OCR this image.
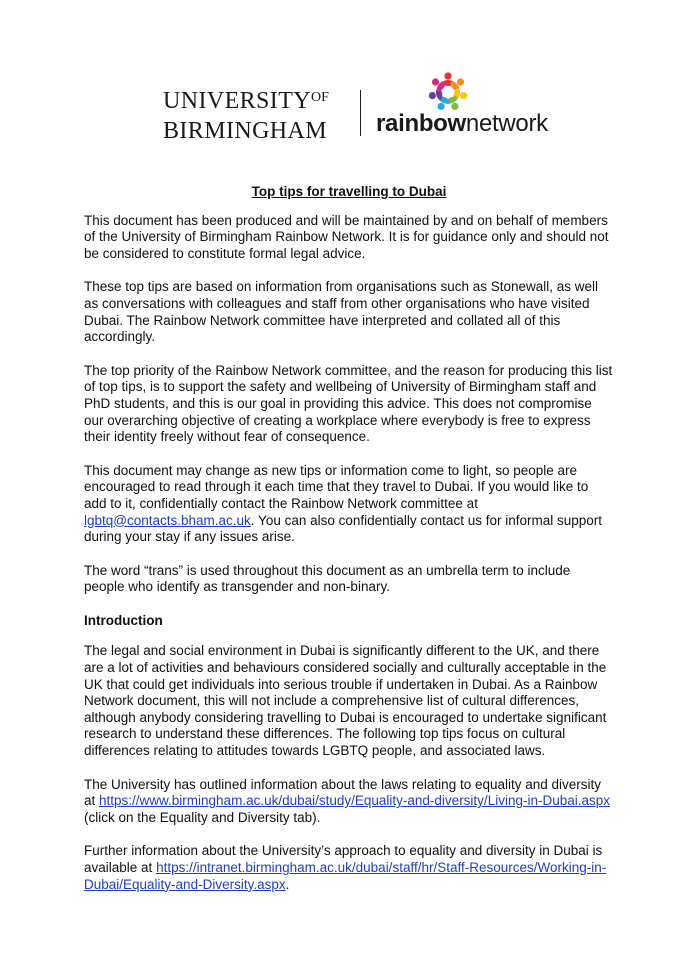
$UNIVERSITY^{OF}$
BIRMINGHAM rainbownetwork
Top tips for travelling to Dubai

This document has been produced and will be maintained by and on behalf of members of the University of Birmingham Rainbow Network. It is for guidance only and should not be considered to constitute formal legal advice.

These top tips are based on information from organisations such as Stonewall, as well as conversations with colleagues and staff from other organisations who have visited Dubai. The Rainbow Network committee have interpreted and collated all of this accordingly.

The top priority of the Rainbow Network committee, and the reason for producing this list of top tips, is to support the safety and wellbeing of University of Birmingham staff and PhD students, and this is our goal in providing this advice. This does not compromise our overarching objective of creating a workplace where everybody is free to express their identity freely without fear of consequence.

This document may change as new tips or information come to light, so people are encouraged to read through it each time that they travel to Dubai. If you would like to add to it, confidentially contact the Rainbow Network committee at lgbtq@contacts.bham.ac.uk. You can also confidentially contact us for informal support during your stay if any issues arise.

The word “trans” is used throughout this document as an umbrella term to include people who identify as transgender and non-binary.

Introduction

The legal and social environment in Dubai is significantly different to the UK, and there are a lot of activities and behaviours considered socially and culturally acceptable in the UK that could get individuals into serious trouble if undertaken in Dubai. As a Rainbow Network document, this will not include a comprehensive list of cultural differences, although anybody considering travelling to Dubai is encouraged to undertake significant research to understand these differences. The following top tips focus on cultural differences relating to attitudes towards LGBTQ people, and associated laws.

The University has outlined information about the laws relating to equality and diversity at https://www.birmingham.ac.uk/dubai/study/Equality-and-diversity/Living-in-Dubai.aspx (click on the Equality and Diversity tab).

Further information about the University’s approach to equality and diversity in Dubai is available at https://intranet.birmingham.ac.uk/dubai/staff/hr/Staff-Resources/Working-in-Dubai/Equality-and-Diversity.aspx.
